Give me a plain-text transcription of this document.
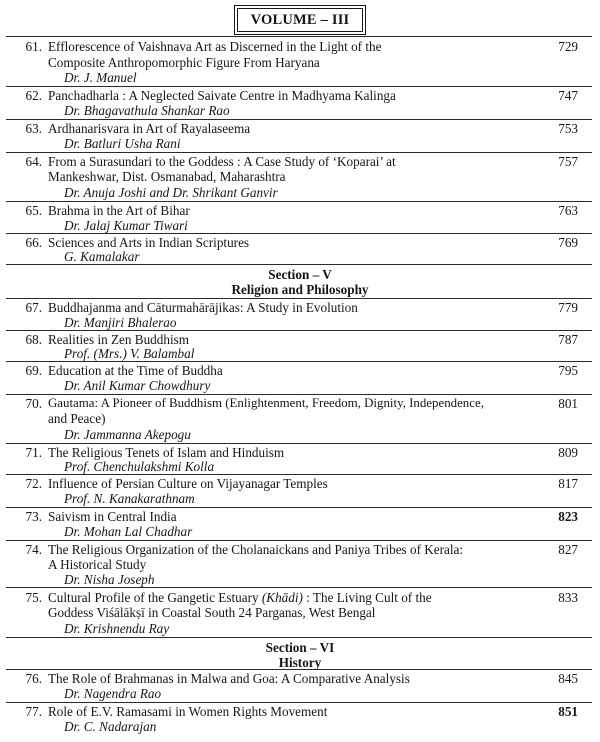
VOLUME – III
61. Efflorescence of Vaishnava Art as Discerned in the Light of the
Composite Anthropomorphic Figure From Haryana
Dr. J. Manuel
729
62. Panchadharla : A Neglected Saivate Centre in Madhyama Kalinga
Dr. Bhagavathula Shankar Rao
747
63. Ardhanarisvara in Art of Rayalaseema
Dr. Batluri Usha Rani
753
64. From a Surasundari to the Goddess : A Case Study of ‘Koparai’ at
Mankeshwar, Dist. Osmanabad, Maharashtra
Dr. Anuja Joshi and Dr. Shrikant Ganvir
757
65. Brahma in the Art of Bihar
Dr. Jalaj Kumar Tiwari
763
66. Sciences and Arts in Indian Scriptures
G. Kamalakar
769
Section – V
Religion and Philosophy
67. Buddhajanma and Cāturmahārājikas: A Study in Evolution
Dr. Manjiri Bhalerao
779
68. Realities in Zen Buddhism
Prof. (Mrs.) V. Balambal
787
69. Education at the Time of Buddha
Dr. Anil Kumar Chowdhury
795
70. Gautama: A Pioneer of Buddhism (Enlightenment, Freedom, Dignity, Independence,
and Peace)
Dr. Jammanna Akepogu
801
71. The Religious Tenets of Islam and Hinduism
Prof. Chenchulakshmi Kolla
809
72. Influence of Persian Culture on Vijayanagar Temples
Prof. N. Kanakarathnam
817
73. Saivism in Central India
Dr. Mohan Lal Chadhar
823
74. The Religious Organization of the Cholanaickans and Paniya Tribes of Kerala:
A Historical Study
Dr. Nisha Joseph
827
75. Cultural Profile of the Gangetic Estuary (Khādi) : The Living Cult of the
Goddess Viśālākṣī in Coastal South 24 Parganas, West Bengal
Dr. Krishnendu Ray
833
Section – VI
History
76. The Role of Brahmanas in Malwa and Goa: A Comparative Analysis
Dr. Nagendra Rao
845
77. Role of E.V. Ramasami in Women Rights Movement
Dr. C. Nadarajan
851
